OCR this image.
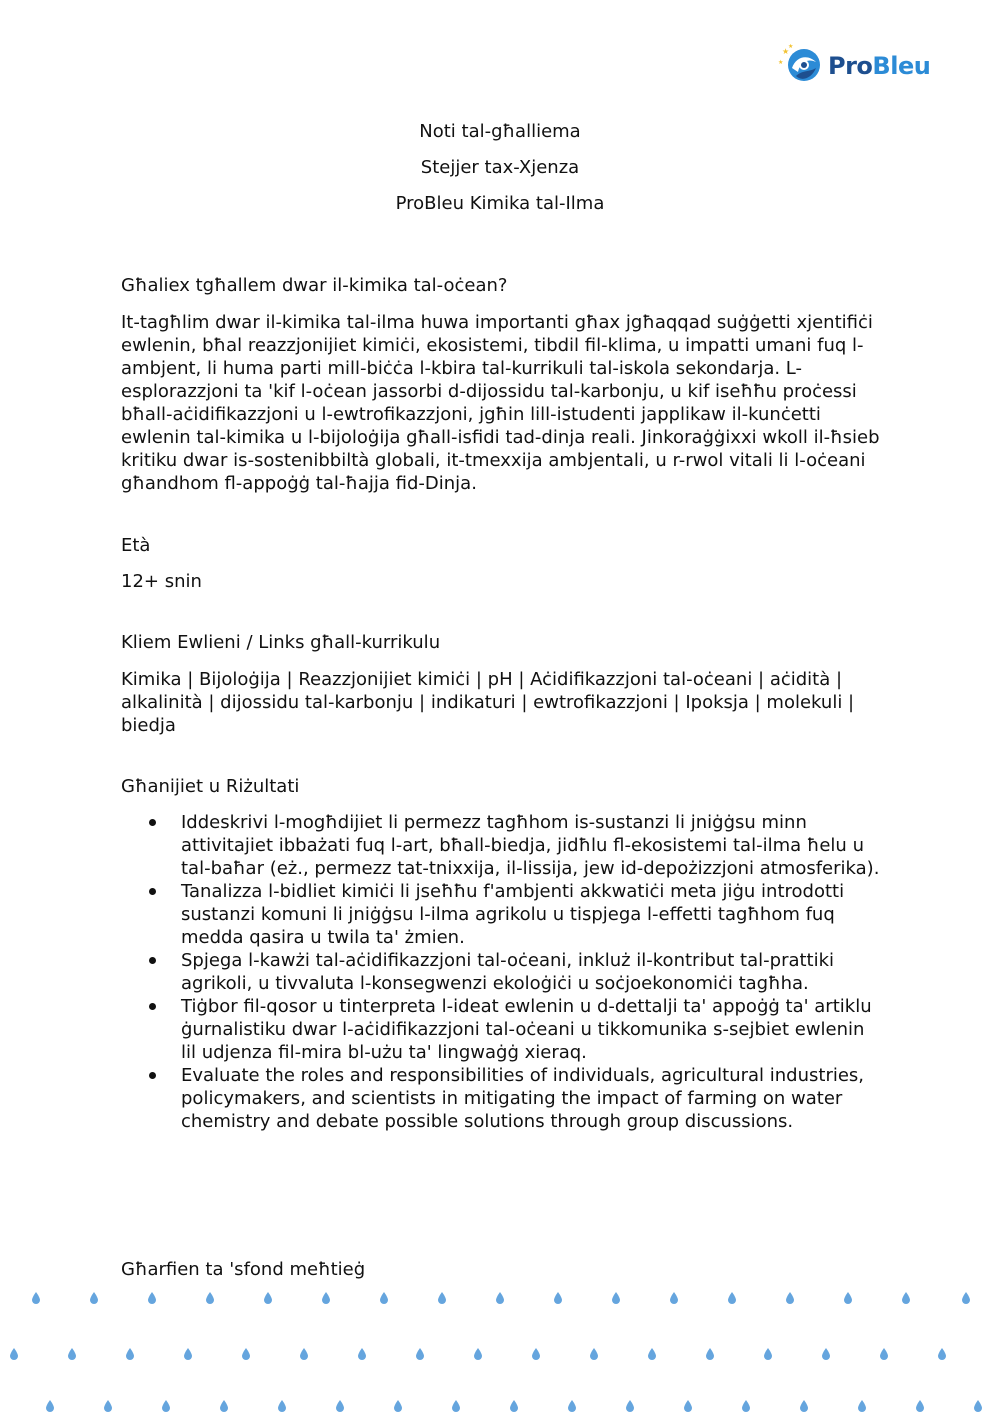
★
★
★
ProBleu
Noti tal-għalliema
Stejjer tax-Xjenza
ProBleu Kimika tal-Ilma

Għaliex tgħallem dwar il-kimika tal-oċean?

It-tagħlim dwar il-kimika tal-ilma huwa importanti għax jgħaqqad suġġetti xjentifiċi ewlenin, bħal reazzjonijiet kimiċi, ekosistemi, tibdil fil-klima, u impatti umani fuq l-ambjent, li huma parti mill-biċċa l-kbira tal-kurrikuli tal-iskola sekondarja. L-esplorazzjoni ta 'kif l-oċean jassorbi d-dijossidu tal-karbonju, u kif iseħħu proċessi bħall-aċidifikazzjoni u l-ewtrofikazzjoni, jgħin lill-istudenti japplikaw il-kunċetti ewlenin tal-kimika u l-bijoloġija għall-isfidi tad-dinja reali. Jinkoraġġixxi wkoll il-ħsieb kritiku dwar is-sostenibbiltà globali, it-tmexxija ambjentali, u r-rwol vitali li l-oċeani għandhom fl-appoġġ tal-ħajja fid-Dinja.

Età

12+ snin

Kliem Ewlieni / Links għall-kurrikulu

Kimika | Bijoloġija | Reazzjonijiet kimiċi | pH | Aċidifikazzjoni tal-oċeani | aċidità | alkalinità | dijossidu tal-karbonju | indikaturi | ewtrofikazzjoni | Ipoksja | molekuli | biedja

Għanijiet u Riżultati

Iddeskrivi l-mogħdijiet li permezz tagħhom is-sustanzi li jniġġsu minn attivitajiet ibbażati fuq l-art, bħall-biedja, jidħlu fl-ekosistemi tal-ilma ħelu u tal-baħar (eż., permezz tat-tnixxija, il-lissija, jew id-depożizzjoni atmosferika).
Tanalizza l-bidliet kimiċi li jseħħu f'ambjenti akkwatiċi meta jiġu introdotti sustanzi komuni li jniġġsu l-ilma agrikolu u tispjega l-effetti tagħhom fuq medda qasira u twila ta' żmien.
Spjega l-kawżi tal-aċidifikazzjoni tal-oċeani, inkluż il-kontribut tal-prattiki agrikoli, u tivvaluta l-konsegwenzi ekoloġiċi u soċjoekonomiċi tagħha.
Tiġbor fil-qosor u tinterpreta l-ideat ewlenin u d-dettalji ta' appoġġ ta' artiklu ġurnalistiku dwar l-aċidifikazzjoni tal-oċeani u tikkomunika s-sejbiet ewlenin lil udjenza fil-mira bl-użu ta' lingwaġġ xieraq.
Evaluate the roles and responsibilities of individuals, agricultural industries, policymakers, and scientists in mitigating the impact of farming on water chemistry and debate possible solutions through group discussions.

Għarfien ta 'sfond meħtieġ
